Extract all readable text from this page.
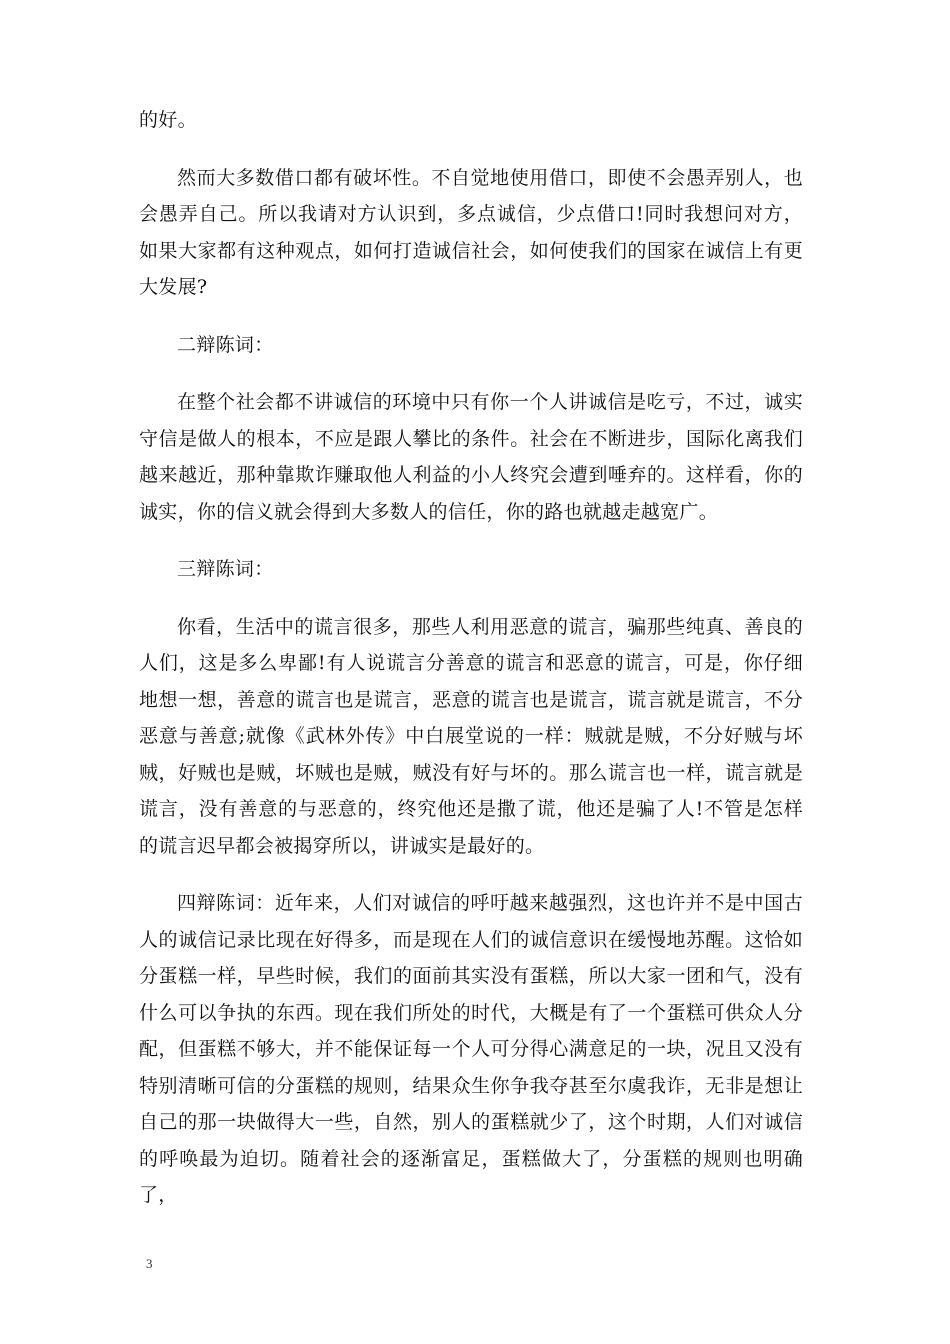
的好。

然而大多数借口都有破坏性。不自觉地使用借口，即使不会愚弄别人，也会愚弄自己。所以我请对方认识到，多点诚信，少点借口!同时我想问对方，如果大家都有这种观点，如何打造诚信社会，如何使我们的国家在诚信上有更大发展?

二辩陈词：

在整个社会都不讲诚信的环境中只有你一个人讲诚信是吃亏，不过，诚实守信是做人的根本，不应是跟人攀比的条件。社会在不断进步，国际化离我们越来越近，那种靠欺诈赚取他人利益的小人终究会遭到唾弃的。这样看，你的诚实，你的信义就会得到大多数人的信任，你的路也就越走越宽广。

三辩陈词：

你看，生活中的谎言很多，那些人利用恶意的谎言，骗那些纯真、善良的人们，这是多么卑鄙!有人说谎言分善意的谎言和恶意的谎言，可是，你仔细地想一想，善意的谎言也是谎言，恶意的谎言也是谎言，谎言就是谎言，不分恶意与善意;就像《武林外传》中白展堂说的一样：贼就是贼，不分好贼与坏贼，好贼也是贼，坏贼也是贼，贼没有好与坏的。那么谎言也一样，谎言就是谎言，没有善意的与恶意的，终究他还是撒了谎，他还是骗了人!不管是怎样的谎言迟早都会被揭穿所以，讲诚实是最好的。

四辩陈词：近年来，人们对诚信的呼吁越来越强烈，这也许并不是中国古人的诚信记录比现在好得多，而是现在人们的诚信意识在缓慢地苏醒。这恰如分蛋糕一样，早些时候，我们的面前其实没有蛋糕，所以大家一团和气，没有什么可以争执的东西。现在我们所处的时代，大概是有了一个蛋糕可供众人分配，但蛋糕不够大，并不能保证每一个人可分得心满意足的一块，况且又没有特别清晰可信的分蛋糕的规则，结果众生你争我夺甚至尔虞我诈，无非是想让自己的那一块做得大一些，自然，别人的蛋糕就少了，这个时期，人们对诚信的呼唤最为迫切。随着社会的逐渐富足，蛋糕做大了，分蛋糕的规则也明确了，

3
